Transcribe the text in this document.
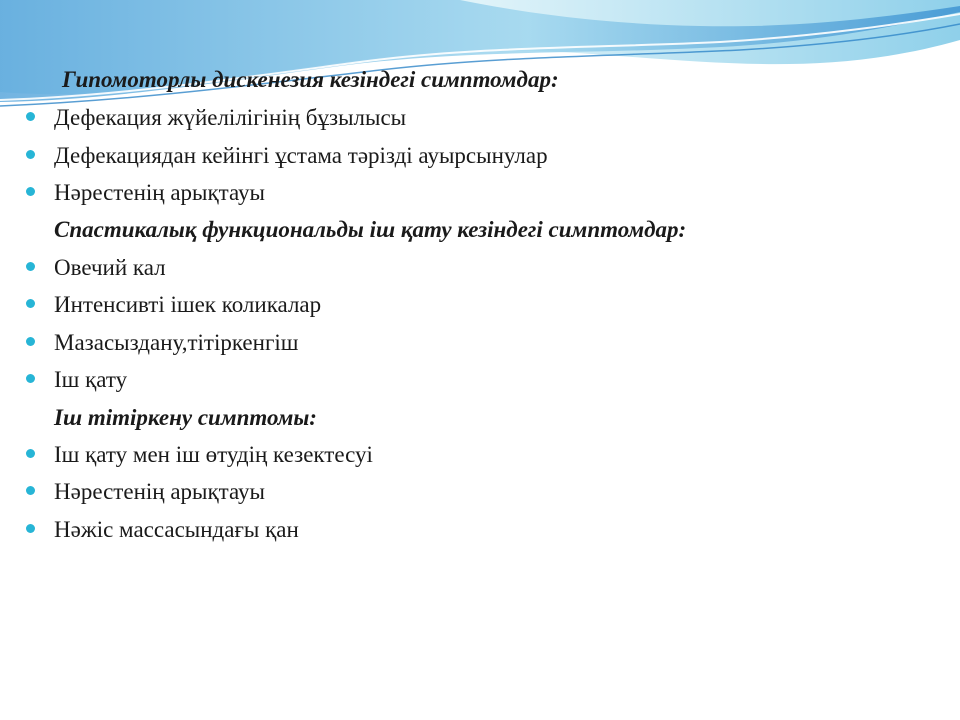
Гипомоторлы дискенезия кезіндегі симптомдар:
Дефекация жүйелілігінің бұзылысы
Дефекациядан кейінгі ұстама тәрізді ауырсынулар
Нәрестенің арықтауы
Спастикалық функциональды іш қату кезіндегі симптомдар:
Овечий кал
Интенсивті ішек коликалар
Мазасыздану,тітіркенгіш
Іш қату
Іш тітіркену симптомы:
Іш қату мен іш өтудің кезектесуі
Нәрестенің арықтауы
Нәжіс массасындағы қан
